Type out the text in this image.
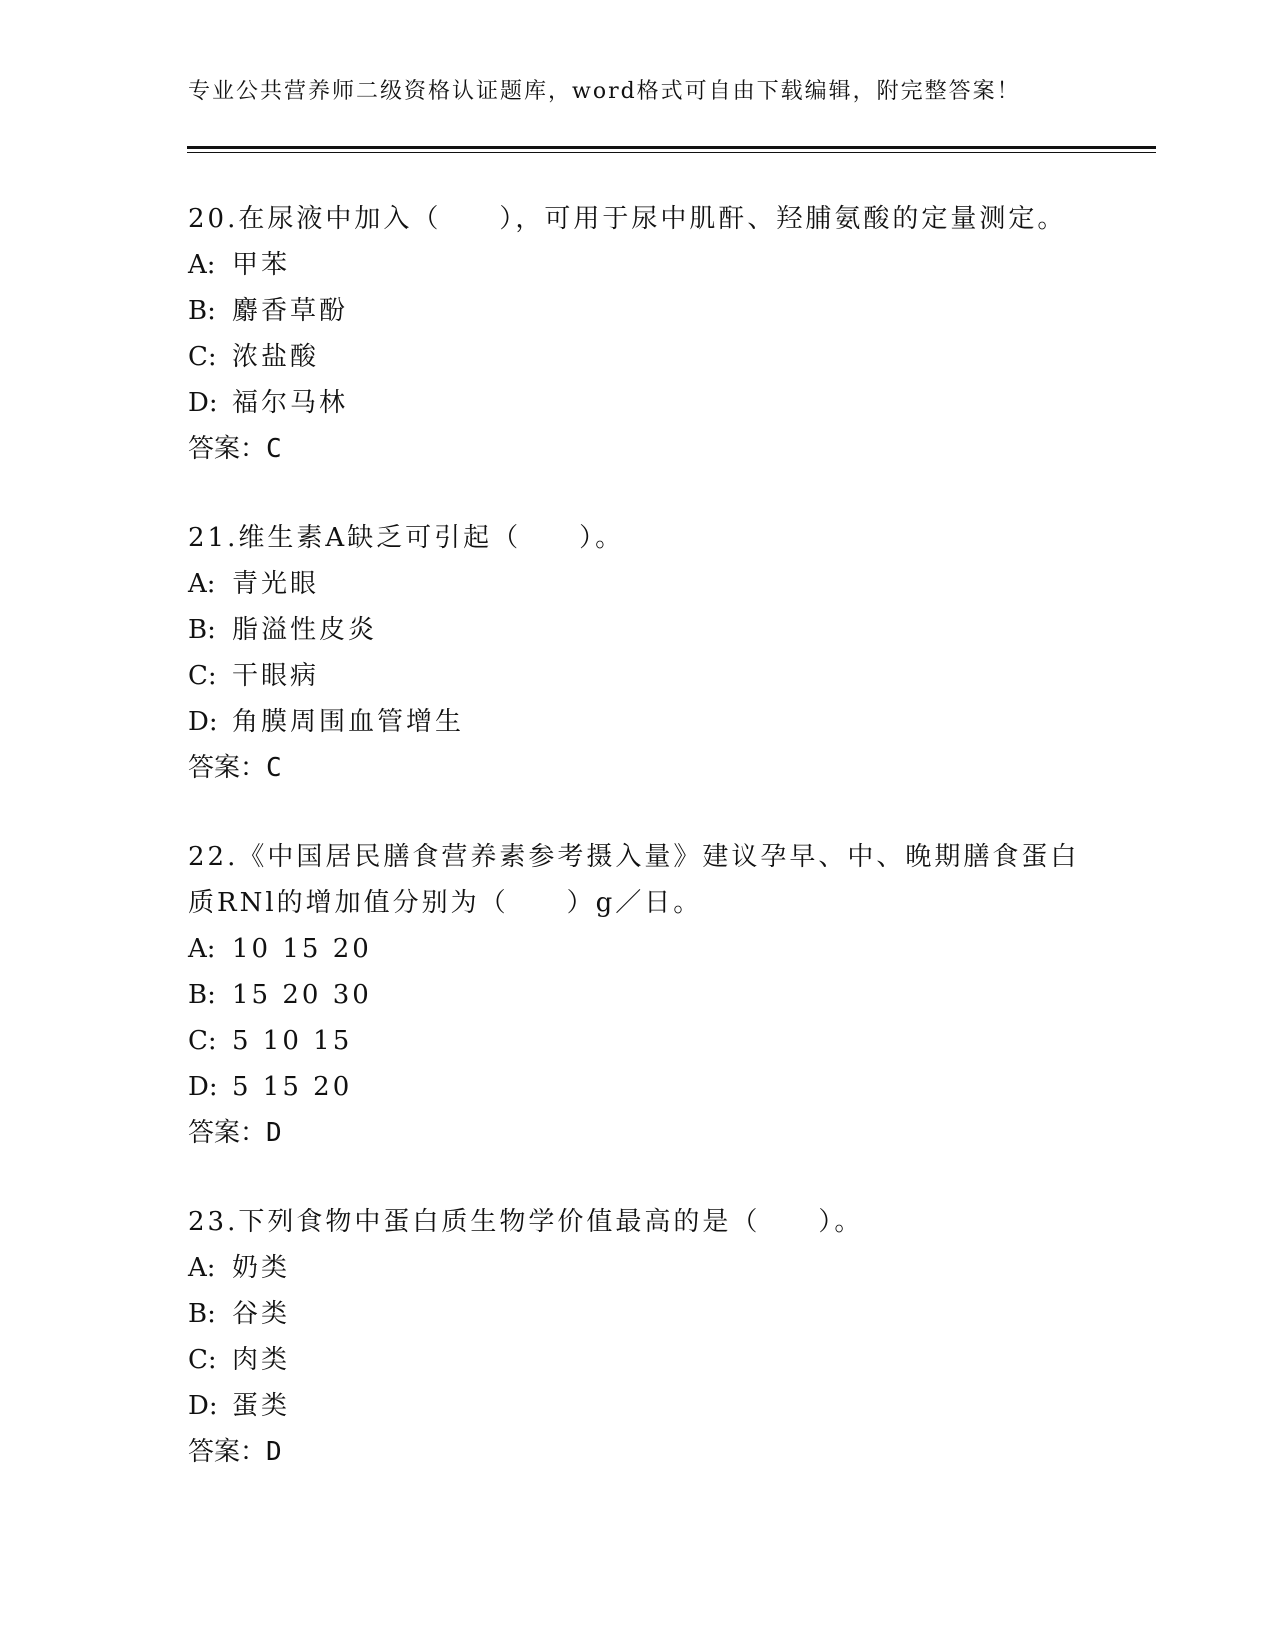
专业公共营养师二级资格认证题库，word格式可自由下载编辑，附完整答案！
20.在尿液中加入（　　），可用于尿中肌酐、羟脯氨酸的定量测定。
A: 甲苯
B: 麝香草酚
C: 浓盐酸
D: 福尔马林
答案：C
21.维生素A缺乏可引起（　　）。
A: 青光眼
B: 脂溢性皮炎
C: 干眼病
D: 角膜周围血管增生
答案：C
22.《中国居民膳食营养素参考摄入量》建议孕早、中、晚期膳食蛋白
质RNl的增加值分别为（　　）g／日。
A: 10 15 20
B: 15 20 30
C: 5 10 15
D: 5 15 20
答案：D
23.下列食物中蛋白质生物学价值最高的是（　　）。
A: 奶类
B: 谷类
C: 肉类
D: 蛋类
答案：D
